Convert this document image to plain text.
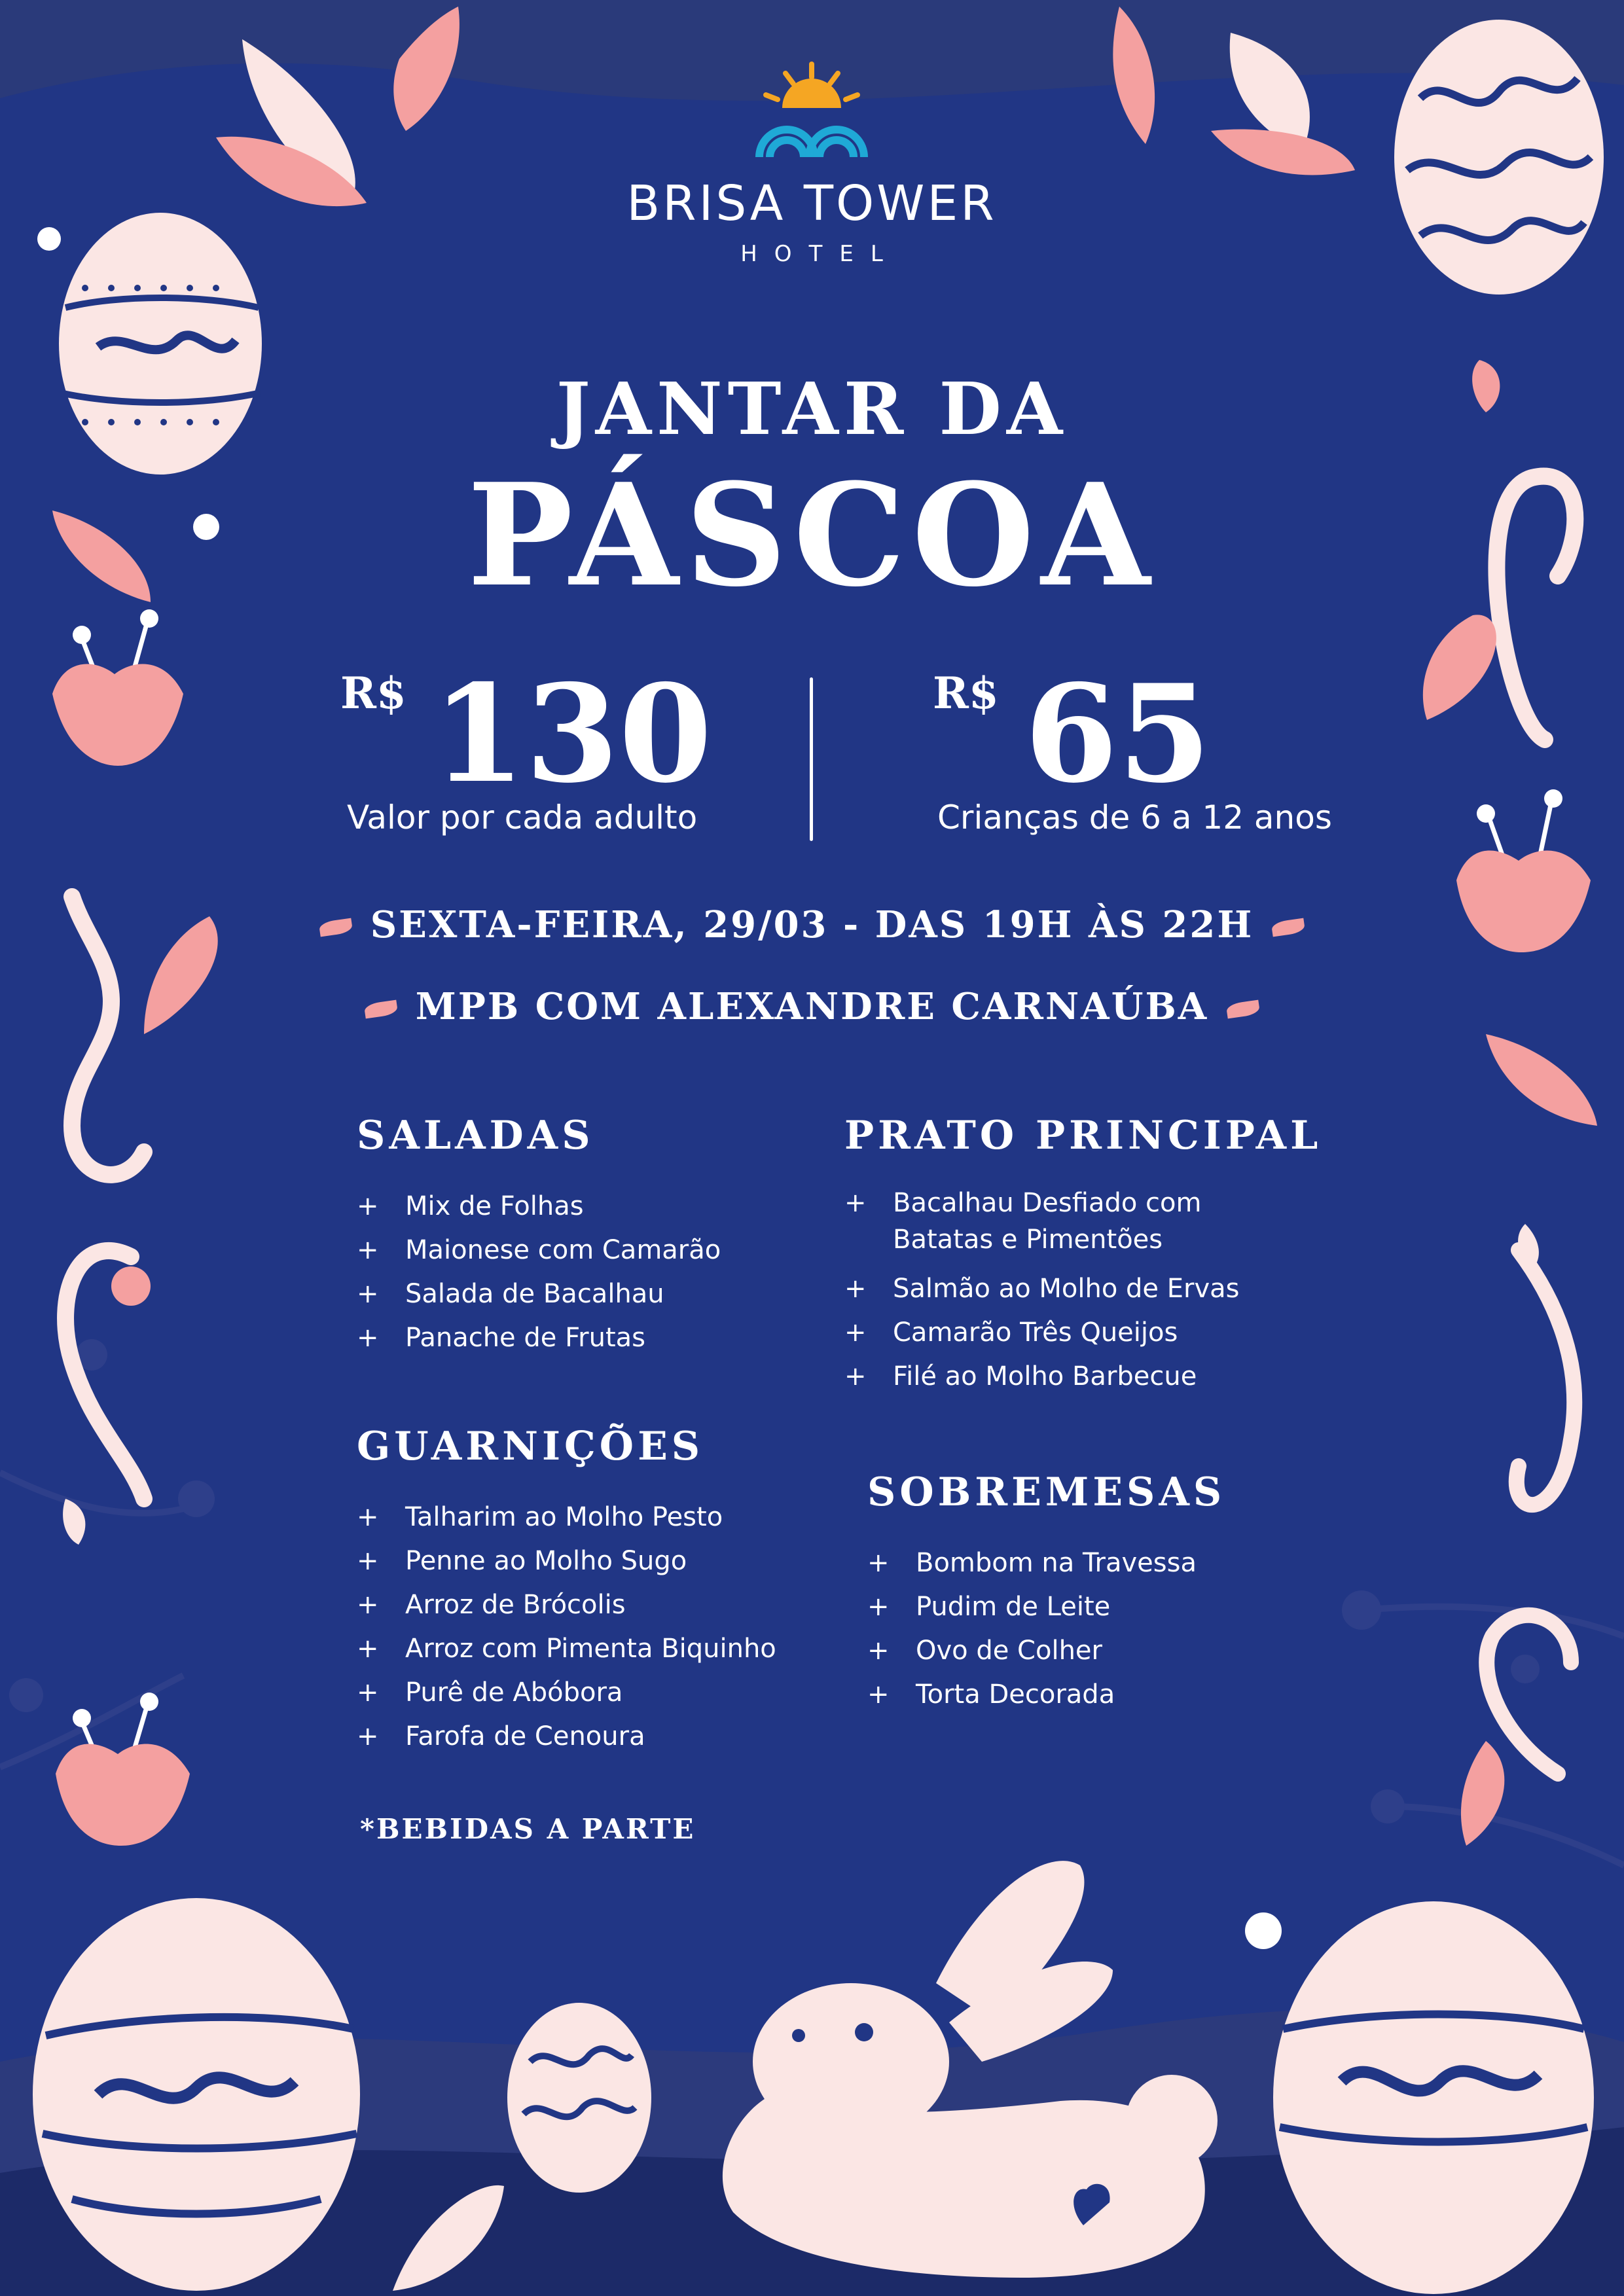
BRISA TOWER
HOTEL
JANTAR DA
PÁSCOA
R$ 130
Valor por cada adulto
R$ 65
Crianças de 6 a 12 anos
SEXTA-FEIRA, 29/03 - DAS 19H ÀS 22H
MPB COM ALEXANDRE CARNAÚBA
SALADAS
+ Mix de Folhas
+ Maionese com Camarão
+ Salada de Bacalhau
+ Panache de Frutas
PRATO PRINCIPAL
+ Bacalhau Desfiado com Batatas e Pimentões
+ Salmão ao Molho de Ervas
+ Camarão Três Queijos
+ Filé ao Molho Barbecue
GUARNIÇÕES
+ Talharim ao Molho Pesto
+ Penne ao Molho Sugo
+ Arroz de Brócolis
+ Arroz com Pimenta Biquinho
+ Purê de Abóbora
+ Farofa de Cenoura
SOBREMESAS
+ Bombom na Travessa
+ Pudim de Leite
+ Ovo de Colher
+ Torta Decorada
*BEBIDAS A PARTE
